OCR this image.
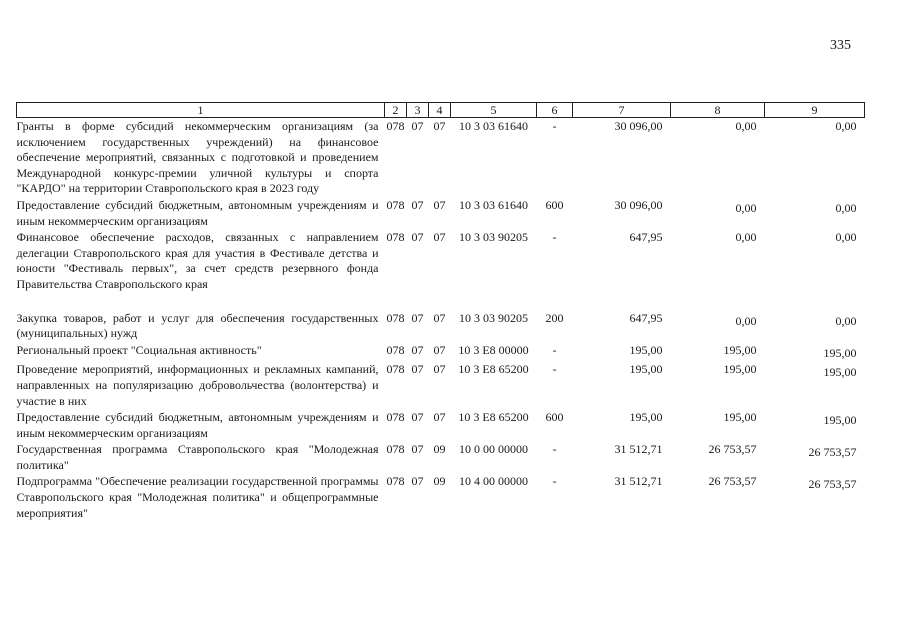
335
1	2	3	4	5	6	7	8	9
Гранты в форме субсидий некоммерческим организациям (за исключением государственных учреждений) на финансовое обеспечение мероприятий, связанных с подготовкой и проведением Международной конкурс-премии уличной культуры и спорта "КАРДО" на территории Ставропольского края в 2023 году	078	07	07	10 3 03 61640	-	30 096,00	0,00	0,00
Предоставление субсидий бюджетным, автономным учреждениям и иным некоммерческим организациям	078	07	07	10 3 03 61640	600	30 096,00	0,00	0,00
Финансовое обеспечение расходов, связанных с направлением делегации Ставропольского края для участия в Фестивале детства и юности "Фестиваль первых", за счет средств резервного фонда Правительства Ставропольского края	078	07	07	10 3 03 90205	-	647,95	0,00	0,00

Закупка товаров, работ и услуг для обеспечения государственных (муниципальных) нужд	078	07	07	10 3 03 90205	200	647,95	0,00	0,00
Региональный проект "Социальная активность"	078	07	07	10 3 Е8 00000	-	195,00	195,00	195,00
Проведение мероприятий, информационных и рекламных кампаний, направленных на популяризацию добровольчества (волонтерства) и участие в них	078	07	07	10 3 Е8 65200	-	195,00	195,00	195,00
Предоставление субсидий бюджетным, автономным учреждениям и иным некоммерческим организациям	078	07	07	10 3 Е8 65200	600	195,00	195,00	195,00
Государственная программа Ставропольского края "Молодежная политика"	078	07	09	10 0 00 00000	-	31 512,71	26 753,57	26 753,57
Подпрограмма "Обеспечение реализации государственной программы Ставропольского края "Молодежная политика" и общепрограммные мероприятия"	078	07	09	10 4 00 00000	-	31 512,71	26 753,57	26 753,57
